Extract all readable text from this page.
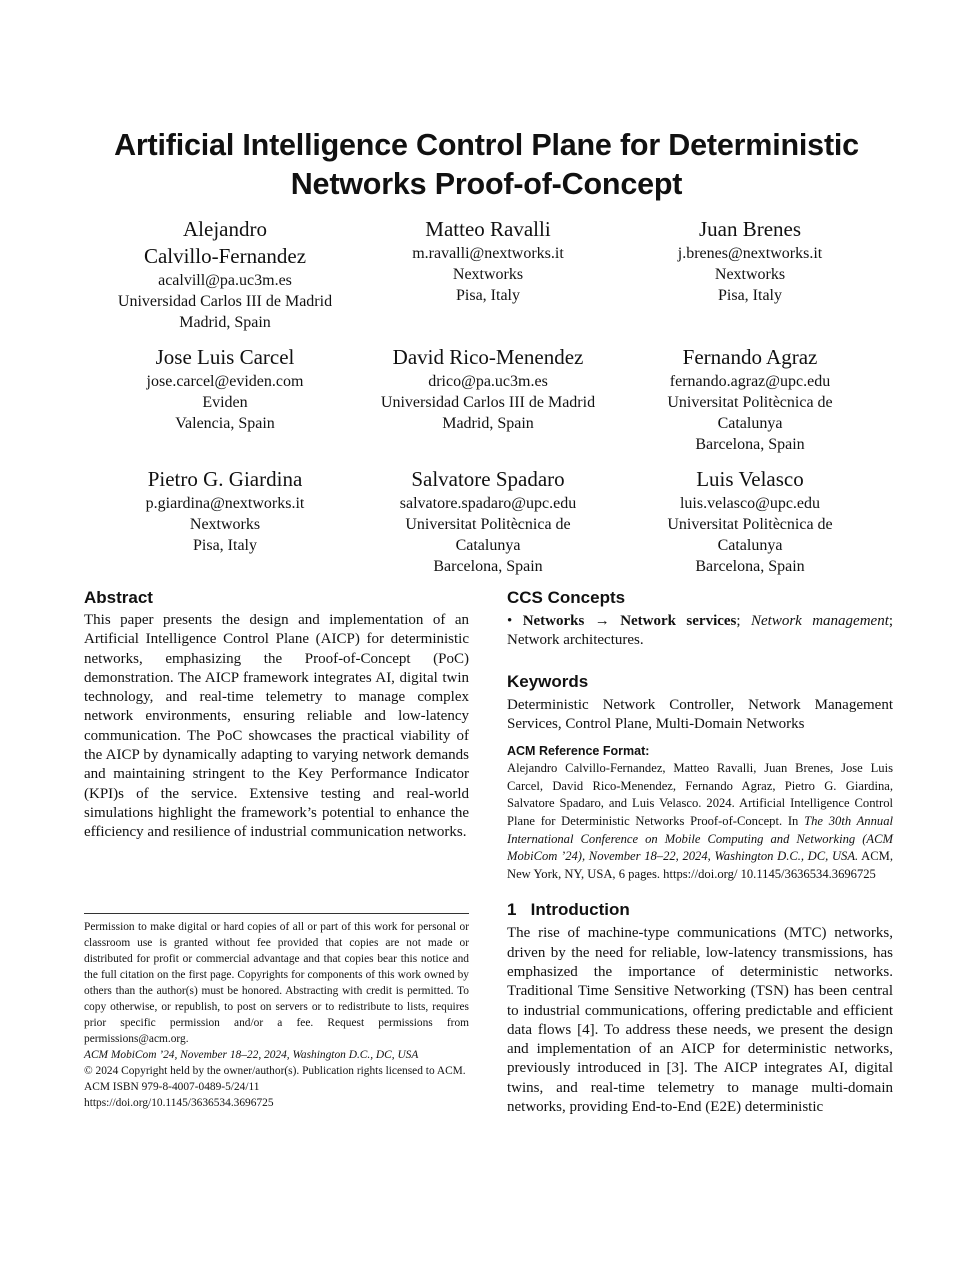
Artificial Intelligence Control Plane for Deterministic
Networks Proof-of-Concept
Alejandro
Calvillo-Fernandez
acalvill@pa.uc3m.es
Universidad Carlos III de Madrid
Madrid, Spain
Matteo Ravalli
m.ravalli@nextworks.it
Nextworks
Pisa, Italy
Juan Brenes
j.brenes@nextworks.it
Nextworks
Pisa, Italy
Jose Luis Carcel
jose.carcel@eviden.com
Eviden
Valencia, Spain
David Rico-Menendez
drico@pa.uc3m.es
Universidad Carlos III de Madrid
Madrid, Spain
Fernando Agraz
fernando.agraz@upc.edu
Universitat Politècnica de
Catalunya
Barcelona, Spain
Pietro G. Giardina
p.giardina@nextworks.it
Nextworks
Pisa, Italy
Salvatore Spadaro
salvatore.spadaro@upc.edu
Universitat Politècnica de
Catalunya
Barcelona, Spain
Luis Velasco
luis.velasco@upc.edu
Universitat Politècnica de
Catalunya
Barcelona, Spain
Abstract

This paper presents the design and implementation of an Artificial Intelligence Control Plane (AICP) for deterministic networks, emphasizing the Proof-of-Concept (PoC) demonstration. The AICP framework integrates AI, digital twin technology, and real-time telemetry to manage complex network environments, ensuring reliable and low-latency communication. The PoC showcases the practical viability of the AICP by dynamically adapting to varying network demands and maintaining stringent to the Key Performance Indicator (KPI)s of the service. Extensive testing and real-world simulations highlight the framework’s potential to enhance the efficiency and resilience of industrial communication networks.

Permission to make digital or hard copies of all or part of this work for personal or classroom use is granted without fee provided that copies are not made or distributed for profit or commercial advantage and that copies bear this notice and the full citation on the first page. Copyrights for components of this work owned by others than the author(s) must be honored. Abstracting with credit is permitted. To copy otherwise, or republish, to post on servers or to redistribute to lists, requires prior specific permission and/or a fee. Request permissions from permissions@acm.org.

ACM MobiCom ’24, November 18–22, 2024, Washington D.C., DC, USA

© 2024 Copyright held by the owner/author(s). Publication rights licensed to ACM.

ACM ISBN 979-8-4007-0489-5/24/11

https://doi.org/10.1145/3636534.3696725

CCS Concepts

• Networks → Network services; Network management; Network architectures.

Keywords

Deterministic Network Controller, Network Management Services, Control Plane, Multi-Domain Networks

ACM Reference Format:
Alejandro Calvillo-Fernandez, Matteo Ravalli, Juan Brenes, Jose Luis Carcel, David Rico-Menendez, Fernando Agraz, Pietro G. Giardina, Salvatore Spadaro, and Luis Velasco. 2024. Artificial Intelligence Control Plane for Deterministic Networks Proof-of-Concept. In The 30th Annual International Conference on Mobile Computing and Networking (ACM MobiCom ’24), November 18–22, 2024, Washington D.C., DC, USA. ACM, New York, NY, USA, 6 pages. https://doi.org/ 10.1145/3636534.3696725
1 Introduction

The rise of machine-type communications (MTC) networks, driven by the need for reliable, low-latency transmissions, has emphasized the importance of deterministic networks. Traditional Time Sensitive Networking (TSN) has been central to industrial communications, offering predictable and efficient data flows [4]. To address these needs, we present the design and implementation of an AICP for deterministic networks, previously introduced in [3]. The AICP integrates AI, digital twins, and real-time telemetry to manage multi-domain networks, providing End-to-End (E2E) deterministic
